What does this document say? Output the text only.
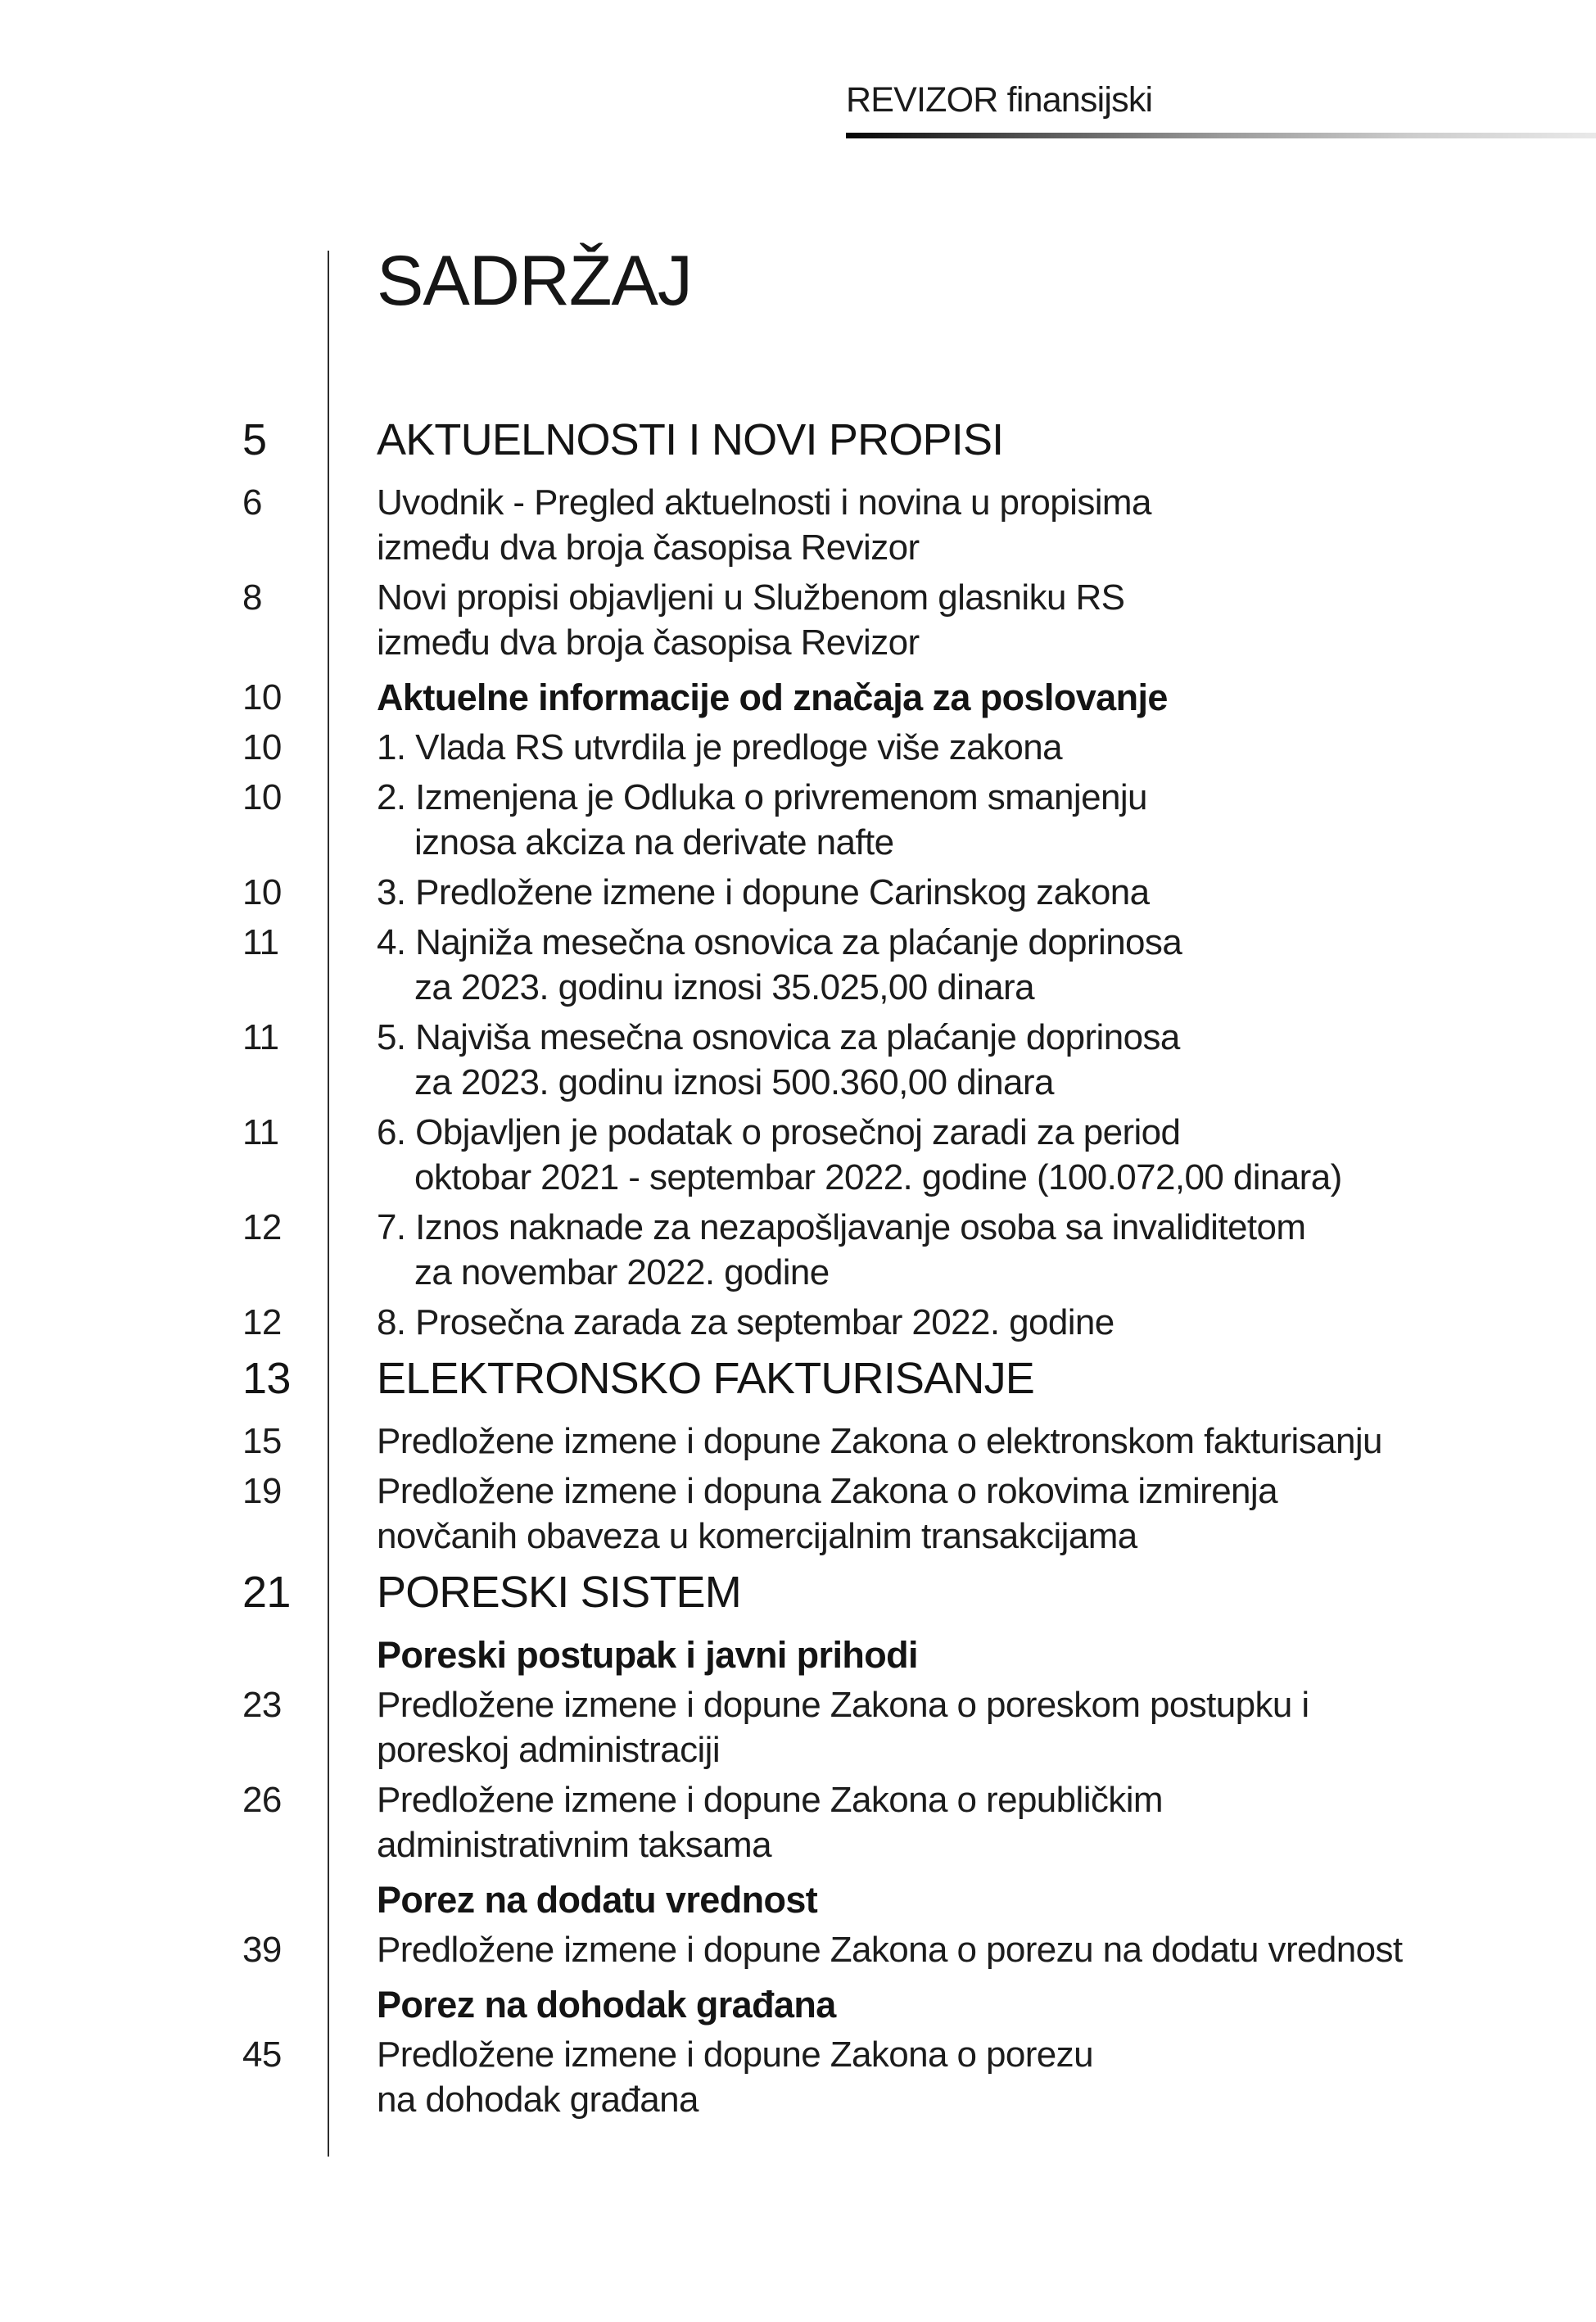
REVIZOR finansijski
SADRŽAJ
5	AKTUELNOSTI I NOVI PROPISI
6	Uvodnik - Pregled aktuelnosti i novina u propisima
između dva broja časopisa Revizor
8	Novi propisi objavljeni u Službenom glasniku RS
između dva broja časopisa Revizor
10	Aktuelne informacije od značaja za poslovanje
10	1. Vlada RS utvrdila je predloge više zakona
10	2. Izmenjena je Odluka o privremenom smanjenju
iznosa akciza na derivate nafte
10	3. Predložene izmene i dopune Carinskog zakona
11	4. Najniža mesečna osnovica za plaćanje doprinosa
za 2023. godinu iznosi 35.025,00 dinara
11	5. Najviša mesečna osnovica za plaćanje doprinosa
za 2023. godinu iznosi 500.360,00 dinara
11	6. Objavljen je podatak o prosečnoj zaradi za period
oktobar 2021 - septembar 2022. godine (100.072,00 dinara)
12	7. Iznos naknade za nezapošljavanje osoba sa invaliditetom
za novembar 2022. godine
12	8. Prosečna zarada za septembar 2022. godine
13	ELEKTRONSKO FAKTURISANJE
15	Predložene izmene i dopune Zakona o elektronskom fakturisanju
19	Predložene izmene i dopuna Zakona o rokovima izmirenja
novčanih obaveza u komercijalnim transakcijama
21	PORESKI SISTEM
Poreski postupak i javni prihodi
23	Predložene izmene i dopune Zakona o poreskom postupku i
poreskoj administraciji
26	Predložene izmene i dopune Zakona o republičkim
administrativnim taksama
Porez na dodatu vrednost
39	Predložene izmene i dopune Zakona o porezu na dodatu vrednost
Porez na dohodak građana
45	Predložene izmene i dopune Zakona o porezu
na dohodak građana
